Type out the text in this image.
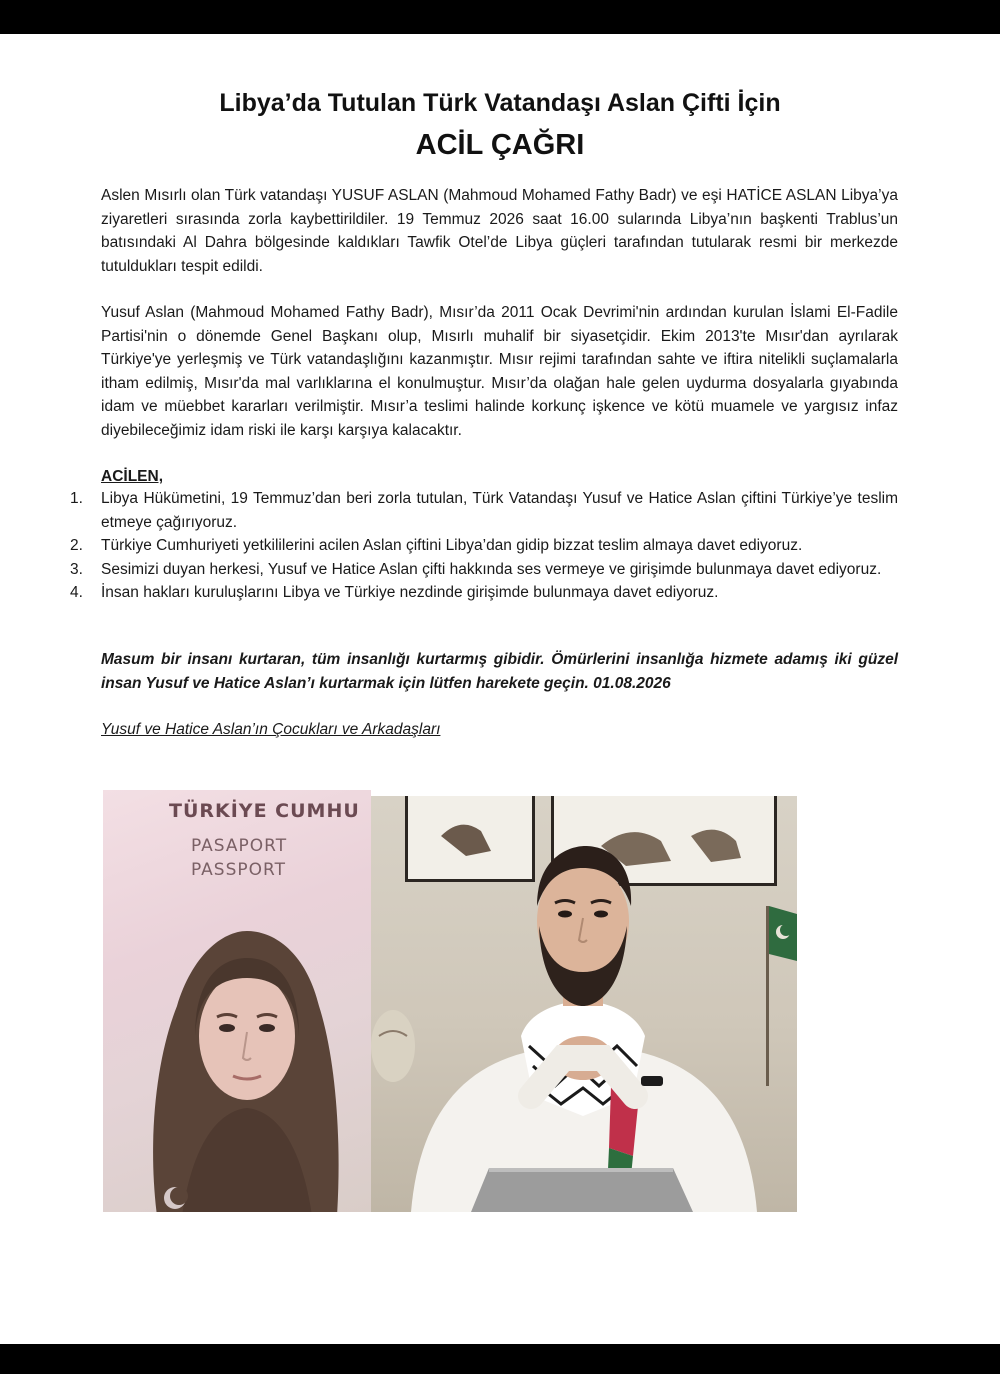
Libya’da Tutulan Türk Vatandaşı Aslan Çifti İçin
ACİL ÇAĞRI

Aslen Mısırlı olan Türk vatandaşı YUSUF ASLAN (Mahmoud Mohamed Fathy Badr) ve eşi HATİCE ASLAN Libya’ya ziyaretleri sırasında zorla kaybettirildiler. 19 Temmuz 2026 saat 16.00 sularında Libya’nın başkenti Trablus’un batısındaki Al Dahra bölgesinde kaldıkları Tawfik Otel’de Libya güçleri tarafından tutularak resmi bir merkezde tutuldukları tespit edildi.

Yusuf Aslan (Mahmoud Mohamed Fathy Badr), Mısır’da 2011 Ocak Devrimi'nin ardından kurulan İslami El-Fadile Partisi'nin o dönemde Genel Başkanı olup, Mısırlı muhalif bir siyasetçidir. Ekim 2013'te Mısır'dan ayrılarak Türkiye'ye yerleşmiş ve Türk vatandaşlığını kazanmıştır. Mısır rejimi tarafından sahte ve iftira nitelikli suçlamalarla itham edilmiş, Mısır'da mal varlıklarına el konulmuştur. Mısır’da olağan hale gelen uydurma dosyalarla gıyabında idam ve müebbet kararları verilmiştir. Mısır’a teslimi halinde korkunç işkence ve kötü muamele ve yargısız infaz diyebileceğimiz idam riski ile karşı karşıya kalacaktır.

ACİLEN,
1. Libya Hükümetini, 19 Temmuz’dan beri zorla tutulan, Türk Vatandaşı Yusuf ve Hatice Aslan çiftini Türkiye’ye teslim etmeye çağırıyoruz.
2. Türkiye Cumhuriyeti yetkililerini acilen Aslan çiftini Libya’dan gidip bizzat teslim almaya davet ediyoruz.
3. Sesimizi duyan herkesi, Yusuf ve Hatice Aslan çifti hakkında ses vermeye ve girişimde bulunmaya davet ediyoruz.
4. İnsan hakları kuruluşlarını Libya ve Türkiye nezdinde girişimde bulunmaya davet ediyoruz.

Masum bir insanı kurtaran, tüm insanlığı kurtarmış gibidir. Ömürlerini insanlığa hizmete adamış iki güzel insan Yusuf ve Hatice Aslan’ı kurtarmak için lütfen harekete geçin. 01.08.2026

Yusuf ve Hatice Aslan’ın Çocukları ve Arkadaşları
TÜRKİYE CUMHU
PASAPORT
PASSPORT
